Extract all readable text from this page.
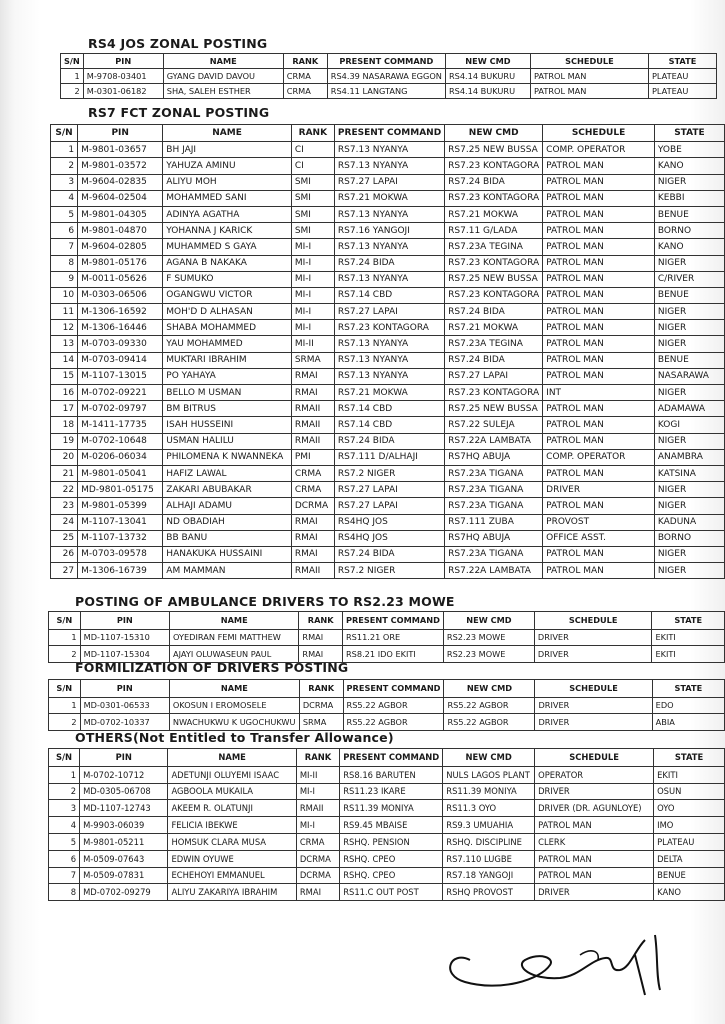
RS4 JOS ZONAL POSTING
S/N	PIN	NAME	RANK	PRESENT COMMAND	NEW CMD	SCHEDULE	STATE
1	M-9708-03401	GYANG DAVID DAVOU	CRMA	RS4.39 NASARAWA EGGON	RS4.14 BUKURU	PATROL MAN	PLATEAU
2	M-0301-06182	SHA, SALEH ESTHER	CRMA	RS4.11 LANGTANG	RS4.14 BUKURU	PATROL MAN	PLATEAU
RS7 FCT ZONAL POSTING
S/N	PIN	NAME	RANK	PRESENT COMMAND	NEW CMD	SCHEDULE	STATE
1	M-9801-03657	BH JAJI	CI	RS7.13 NYANYA	RS7.25 NEW BUSSA	COMP. OPERATOR	YOBE
2	M-9801-03572	YAHUZA AMINU	CI	RS7.13 NYANYA	RS7.23 KONTAGORA	PATROL MAN	KANO
3	M-9604-02835	ALIYU MOH	SMI	RS7.27 LAPAI	RS7.24 BIDA	PATROL MAN	NIGER
4	M-9604-02504	MOHAMMED SANI	SMI	RS7.21 MOKWA	RS7.23 KONTAGORA	PATROL MAN	KEBBI
5	M-9801-04305	ADINYA AGATHA	SMI	RS7.13 NYANYA	RS7.21 MOKWA	PATROL MAN	BENUE
6	M-9801-04870	YOHANNA J KARICK	SMI	RS7.16 YANGOJI	RS7.11 G/LADA	PATROL MAN	BORNO
7	M-9604-02805	MUHAMMED S GAYA	MI-I	RS7.13 NYANYA	RS7.23A TEGINA	PATROL MAN	KANO
8	M-9801-05176	AGANA B NAKAKA	MI-I	RS7.24 BIDA	RS7.23 KONTAGORA	PATROL MAN	NIGER
9	M-0011-05626	F SUMUKO	MI-I	RS7.13 NYANYA	RS7.25 NEW BUSSA	PATROL MAN	C/RIVER
10	M-0303-06506	OGANGWU VICTOR	MI-I	RS7.14 CBD	RS7.23 KONTAGORA	PATROL MAN	BENUE
11	M-1306-16592	MOH'D D ALHASAN	MI-I	RS7.27 LAPAI	RS7.24 BIDA	PATROL MAN	NIGER
12	M-1306-16446	SHABA MOHAMMED	MI-I	RS7.23 KONTAGORA	RS7.21 MOKWA	PATROL MAN	NIGER
13	M-0703-09330	YAU MOHAMMED	MI-II	RS7.13 NYANYA	RS7.23A TEGINA	PATROL MAN	NIGER
14	M-0703-09414	MUKTARI IBRAHIM	SRMA	RS7.13 NYANYA	RS7.24 BIDA	PATROL MAN	BENUE
15	M-1107-13015	PO YAHAYA	RMAI	RS7.13 NYANYA	RS7.27 LAPAI	PATROL MAN	NASARAWA
16	M-0702-09221	BELLO M USMAN	RMAI	RS7.21 MOKWA	RS7.23 KONTAGORA	INT	NIGER
17	M-0702-09797	BM BITRUS	RMAII	RS7.14 CBD	RS7.25 NEW BUSSA	PATROL MAN	ADAMAWA
18	M-1411-17735	ISAH HUSSEINI	RMAII	RS7.14 CBD	RS7.22 SULEJA	PATROL MAN	KOGI
19	M-0702-10648	USMAN HALILU	RMAII	RS7.24 BIDA	RS7.22A LAMBATA	PATROL MAN	NIGER
20	M-0206-06034	PHILOMENA K NWANNEKA	PMI	RS7.111 D/ALHAJI	RS7HQ ABUJA	COMP. OPERATOR	ANAMBRA
21	M-9801-05041	HAFIZ LAWAL	CRMA	RS7.2 NIGER	RS7.23A TIGANA	PATROL MAN	KATSINA
22	MD-9801-05175	ZAKARI ABUBAKAR	CRMA	RS7.27 LAPAI	RS7.23A TIGANA	DRIVER	NIGER
23	M-9801-05399	ALHAJI ADAMU	DCRMA	RS7.27 LAPAI	RS7.23A TIGANA	PATROL MAN	NIGER
24	M-1107-13041	ND OBADIAH	RMAI	RS4HQ JOS	RS7.111 ZUBA	PROVOST	KADUNA
25	M-1107-13732	BB BANU	RMAI	RS4HQ JOS	RS7HQ ABUJA	OFFICE ASST.	BORNO
26	M-0703-09578	HANAKUKA HUSSAINI	RMAI	RS7.24 BIDA	RS7.23A TIGANA	PATROL MAN	NIGER
27	M-1306-16739	AM MAMMAN	RMAII	RS7.2 NIGER	RS7.22A LAMBATA	PATROL MAN	NIGER
POSTING OF AMBULANCE DRIVERS TO RS2.23 MOWE
S/N	PIN	NAME	RANK	PRESENT COMMAND	NEW CMD	SCHEDULE	STATE
1	MD-1107-15310	OYEDIRAN FEMI MATTHEW	RMAI	RS11.21 ORE	RS2.23 MOWE	DRIVER	EKITI
2	MD-1107-15304	AJAYI OLUWASEUN PAUL	RMAI	RS8.21 IDO EKITI	RS2.23 MOWE	DRIVER	EKITI
FORMILIZATION OF DRIVERS POSTING
S/N	PIN	NAME	RANK	PRESENT COMMAND	NEW CMD	SCHEDULE	STATE
1	MD-0301-06533	OKOSUN I EROMOSELE	DCRMA	RS5.22 AGBOR	RS5.22 AGBOR	DRIVER	EDO
2	MD-0702-10337	NWACHUKWU K UGOCHUKWU	SRMA	RS5.22 AGBOR	RS5.22 AGBOR	DRIVER	ABIA
OTHERS(Not Entitled to Transfer Allowance)
S/N	PIN	NAME	RANK	PRESENT COMMAND	NEW CMD	SCHEDULE	STATE
1	M-0702-10712	ADETUNJI OLUYEMI ISAAC	MI-II	RS8.16 BARUTEN	NULS LAGOS PLANT	OPERATOR	EKITI
2	MD-0305-06708	AGBOOLA MUKAILA	MI-I	RS11.23 IKARE	RS11.39 MONIYA	DRIVER	OSUN
3	MD-1107-12743	AKEEM R. OLATUNJI	RMAII	RS11.39 MONIYA	RS11.3 OYO	DRIVER (DR. AGUNLOYE)	OYO
4	M-9903-06039	FELICIA IBEKWE	MI-I	RS9.45 MBAISE	RS9.3 UMUAHIA	PATROL MAN	IMO
5	M-9801-05211	HOMSUK CLARA MUSA	CRMA	RSHQ. PENSION	RSHQ. DISCIPLINE	CLERK	PLATEAU
6	M-0509-07643	EDWIN OYUWE	DCRMA	RSHQ. CPEO	RS7.110 LUGBE	PATROL MAN	DELTA
7	M-0509-07831	ECHEHOYI EMMANUEL	DCRMA	RSHQ. CPEO	RS7.18 YANGOJI	PATROL MAN	BENUE
8	MD-0702-09279	ALIYU ZAKARIYA IBRAHIM	RMAI	RS11.C OUT POST	RSHQ PROVOST	DRIVER	KANO
